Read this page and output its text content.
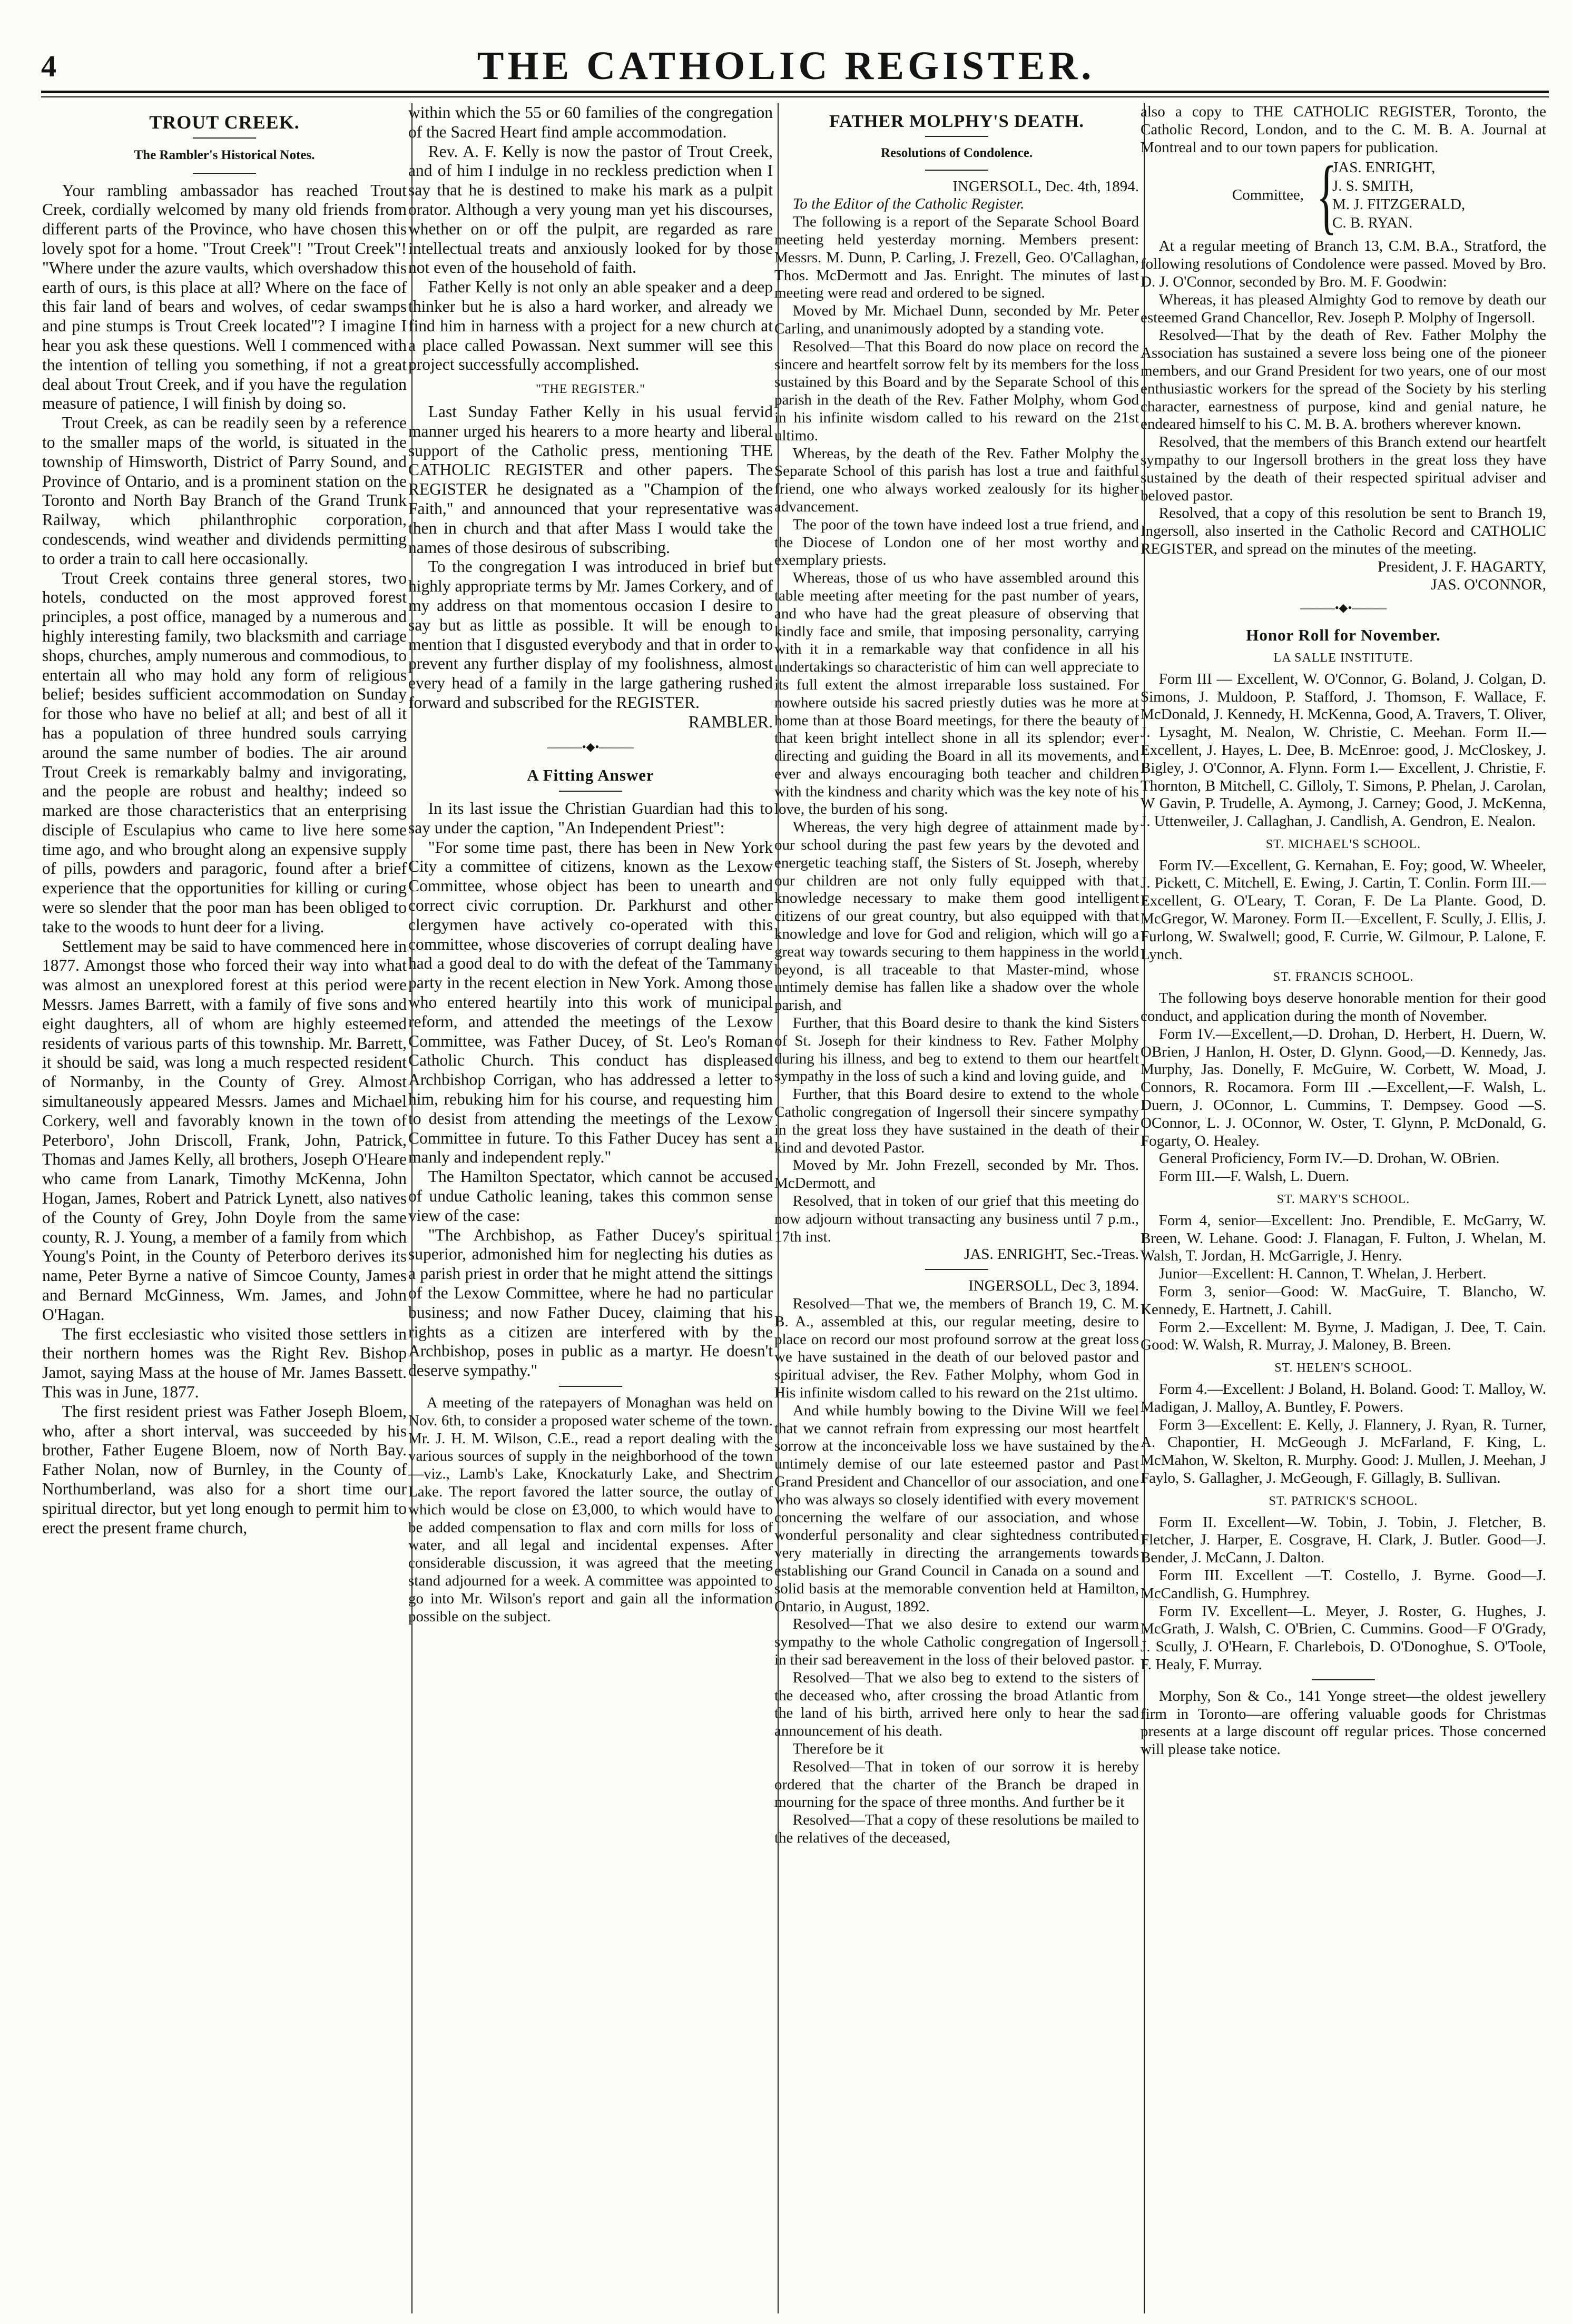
4	THE CATHOLIC REGISTER.
TROUT CREEK.
The Rambler's Historical Notes.

Your rambling ambassador has reached Trout Creek, cordially welcomed by many old friends from different parts of the Province, who have chosen this lovely spot for a home. "Trout Creek"! "Trout Creek"! "Where under the azure vaults, which overshadow this earth of ours, is this place at all? Where on the face of this fair land of bears and wolves, of cedar swamps and pine stumps is Trout Creek located"? I imagine I hear you ask these questions. Well I commenced with the intention of telling you something, if not a great deal about Trout Creek, and if you have the regulation measure of patience, I will finish by doing so.

Trout Creek, as can be readily seen by a reference to the smaller maps of the world, is situated in the township of Himsworth, District of Parry Sound, and Province of Ontario, and is a prominent station on the Toronto and North Bay Branch of the Grand Trunk Railway, which philanthrophic corporation, condescends, wind weather and dividends permitting to order a train to call here occasionally.

Trout Creek contains three general stores, two hotels, conducted on the most approved forest principles, a post office, managed by a numerous and highly interesting family, two blacksmith and carriage shops, churches, amply numerous and commodious, to entertain all who may hold any form of religious belief; besides sufficient accommodation on Sunday for those who have no belief at all; and best of all it has a population of three hundred souls carrying around the same number of bodies. The air around Trout Creek is remarkably balmy and invigorating, and the people are robust and healthy; indeed so marked are those characteristics that an enterprising disciple of Esculapius who came to live here some time ago, and who brought along an expensive supply of pills, powders and paragoric, found after a brief experience that the opportunities for killing or curing were so slender that the poor man has been obliged to take to the woods to hunt deer for a living.

Settlement may be said to have commenced here in 1877. Amongst those who forced their way into what was almost an unexplored forest at this period were Messrs. James Barrett, with a family of five sons and eight daughters, all of whom are highly esteemed residents of various parts of this township. Mr. Barrett, it should be said, was long a much respected resident of Normanby, in the County of Grey. Almost simultaneously appeared Messrs. James and Michael Corkery, well and favorably known in the town of Peterboro', John Driscoll, Frank, John, Patrick, Thomas and James Kelly, all brothers, Joseph O'Heare who came from Lanark, Timothy McKenna, John Hogan, James, Robert and Patrick Lynett, also natives of the County of Grey, John Doyle from the same county, R. J. Young, a member of a family from which Young's Point, in the County of Peterboro derives its name, Peter Byrne a native of Simcoe County, James and Bernard McGinness, Wm. James, and John O'Hagan.

The first ecclesiastic who visited those settlers in their northern homes was the Right Rev. Bishop Jamot, saying Mass at the house of Mr. James Bassett. This was in June, 1877.

The first resident priest was Father Joseph Bloem, who, after a short interval, was succeeded by his brother, Father Eugene Bloem, now of North Bay. Father Nolan, now of Burnley, in the County of Northumberland, was also for a short time our spiritual director, but yet long enough to permit him to erect the present frame church,

within which the 55 or 60 families of the congregation of the Sacred Heart find ample accommodation.

Rev. A. F. Kelly is now the pastor of Trout Creek, and of him I indulge in no reckless prediction when I say that he is destined to make his mark as a pulpit orator. Although a very young man yet his discourses, whether on or off the pulpit, are regarded as rare intellectual treats and anxiously looked for by those not even of the household of faith.

Father Kelly is not only an able speaker and a deep thinker but he is also a hard worker, and already we find him in harness with a project for a new church at a place called Powassan. Next summer will see this project successfully accomplished.

"THE REGISTER."

Last Sunday Father Kelly in his usual fervid manner urged his hearers to a more hearty and liberal support of the Catholic press, mentioning THE CATHOLIC REGISTER and other papers. The REGISTER he designated as a "Champion of the Faith," and announced that your representative was then in church and that after Mass I would take the names of those desirous of subscribing.

To the congregation I was introduced in brief but highly appropriate terms by Mr. James Corkery, and of my address on that momentous occasion I desire to say but as little as possible. It will be enough to mention that I disgusted everybody and that in order to prevent any further display of my foolishness, almost every head of a family in the large gathering rushed forward and subscribed for the REGISTER.

RAMBLER.

———•◆•———
A Fitting Answer

In its last issue the Christian Guardian had this to say under the caption, "An Independent Priest":

"For some time past, there has been in New York City a committee of citizens, known as the Lexow Committee, whose object has been to unearth and correct civic corruption. Dr. Parkhurst and other clergymen have actively co-operated with this committee, whose discoveries of corrupt dealing have had a good deal to do with the defeat of the Tammany party in the recent election in New York. Among those who entered heartily into this work of municipal reform, and attended the meetings of the Lexow Committee, was Father Ducey, of St. Leo's Roman Catholic Church. This conduct has displeased Archbishop Corrigan, who has addressed a letter to him, rebuking him for his course, and requesting him to desist from attending the meetings of the Lexow Committee in future. To this Father Ducey has sent a manly and independent reply."

The Hamilton Spectator, which cannot be accused of undue Catholic leaning, takes this common sense view of the case:

"The Archbishop, as Father Ducey's spiritual superior, admonished him for neglecting his duties as a parish priest in order that he might attend the sittings of the Lexow Committee, where he had no particular business; and now Father Ducey, claiming that his rights as a citizen are interfered with by the Archbishop, poses in public as a martyr. He doesn't deserve sympathy."

A meeting of the ratepayers of Monaghan was held on Nov. 6th, to consider a proposed water scheme of the town. Mr. J. H. M. Wilson, C.E., read a report dealing with the various sources of supply in the neighborhood of the town—viz., Lamb's Lake, Knockaturly Lake, and Shectrim Lake. The report favored the latter source, the outlay of which would be close on £3,000, to which would have to be added compensation to flax and corn mills for loss of water, and all legal and incidental expenses. After considerable discussion, it was agreed that the meeting stand adjourned for a week. A committee was appointed to go into Mr. Wilson's report and gain all the information possible on the subject.

FATHER MOLPHY'S DEATH.
Resolutions of Condolence.

INGERSOLL, Dec. 4th, 1894.

To the Editor of the Catholic Register.

The following is a report of the Separate School Board meeting held yesterday morning. Members present: Messrs. M. Dunn, P. Carling, J. Frezell, Geo. O'Callaghan, Thos. McDermott and Jas. Enright. The minutes of last meeting were read and ordered to be signed.

Moved by Mr. Michael Dunn, seconded by Mr. Peter Carling, and unanimously adopted by a standing vote.

Resolved—That this Board do now place on record the sincere and heartfelt sorrow felt by its members for the loss sustained by this Board and by the Separate School of this parish in the death of the Rev. Father Molphy, whom God in his infinite wisdom called to his reward on the 21st ultimo.

Whereas, by the death of the Rev. Father Molphy the Separate School of this parish has lost a true and faithful friend, one who always worked zealously for its higher advancement.

The poor of the town have indeed lost a true friend, and the Diocese of London one of her most worthy and exemplary priests.

Whereas, those of us who have assembled around this table meeting after meeting for the past number of years, and who have had the great pleasure of observing that kindly face and smile, that imposing personality, carrying with it in a remarkable way that confidence in all his undertakings so characteristic of him can well appreciate to its full extent the almost irreparable loss sustained. For nowhere outside his sacred priestly duties was he more at home than at those Board meetings, for there the beauty of that keen bright intellect shone in all its splendor; ever directing and guiding the Board in all its movements, and ever and always encouraging both teacher and children with the kindness and charity which was the key note of his love, the burden of his song.

Whereas, the very high degree of attainment made by our school during the past few years by the devoted and energetic teaching staff, the Sisters of St. Joseph, whereby our children are not only fully equipped with that knowledge necessary to make them good intelligent citizens of our great country, but also equipped with that knowledge and love for God and religion, which will go a great way towards securing to them happiness in the world beyond, is all traceable to that Master-mind, whose untimely demise has fallen like a shadow over the whole parish, and

Further, that this Board desire to thank the kind Sisters of St. Joseph for their kindness to Rev. Father Molphy during his illness, and beg to extend to them our heartfelt sympathy in the loss of such a kind and loving guide, and

Further, that this Board desire to extend to the whole Catholic congregation of Ingersoll their sincere sympathy in the great loss they have sustained in the death of their kind and devoted Pastor.

Moved by Mr. John Frezell, seconded by Mr. Thos. McDermott, and

Resolved, that in token of our grief that this meeting do now adjourn without transacting any business until 7 p.m., 17th inst.

JAS. ENRIGHT, Sec.-Treas.

INGERSOLL, Dec 3, 1894.

Resolved—That we, the members of Branch 19, C. M. B. A., assembled at this, our regular meeting, desire to place on record our most profound sorrow at the great loss we have sustained in the death of our beloved pastor and spiritual adviser, the Rev. Father Molphy, whom God in His infinite wisdom called to his reward on the 21st ultimo.

And while humbly bowing to the Divine Will we feel that we cannot refrain from expressing our most heartfelt sorrow at the inconceivable loss we have sustained by the untimely demise of our late esteemed pastor and Past Grand President and Chancellor of our association, and one who was always so closely identified with every movement concerning the welfare of our association, and whose wonderful personality and clear sightedness contributed very materially in directing the arrangements towards establishing our Grand Council in Canada on a sound and solid basis at the memorable convention held at Hamilton, Ontario, in August, 1892.

Resolved—That we also desire to extend our warm sympathy to the whole Catholic congregation of Ingersoll in their sad bereavement in the loss of their beloved pastor.

Resolved—That we also beg to extend to the sisters of the deceased who, after crossing the broad Atlantic from the land of his birth, arrived here only to hear the sad announcement of his death.

Therefore be it

Resolved—That in token of our sorrow it is hereby ordered that the charter of the Branch be draped in mourning for the space of three months. And further be it

Resolved—That a copy of these resolutions be mailed to the relatives of the deceased,

also a copy to THE CATHOLIC REGISTER, Toronto, the Catholic Record, London, and to the C. M. B. A. Journal at Montreal and to our town papers for publication.

Committee, {
JAS. ENRIGHT,
J. S. SMITH,
M. J. FITZGERALD,
C. B. RYAN.

At a regular meeting of Branch 13, C.M. B.A., Stratford, the following resolutions of Condolence were passed. Moved by Bro. D. J. O'Connor, seconded by Bro. M. F. Goodwin:

Whereas, it has pleased Almighty God to remove by death our esteemed Grand Chancellor, Rev. Joseph P. Molphy of Ingersoll.

Resolved—That by the death of Rev. Father Molphy the Association has sustained a severe loss being one of the pioneer members, and our Grand President for two years, one of our most enthusiastic workers for the spread of the Society by his sterling character, earnestness of purpose, kind and genial nature, he endeared himself to his C. M. B. A. brothers wherever known.

Resolved, that the members of this Branch extend our heartfelt sympathy to our Ingersoll brothers in the great loss they have sustained by the death of their respected spiritual adviser and beloved pastor.

Resolved, that a copy of this resolution be sent to Branch 19, Ingersoll, also inserted in the Catholic Record and CATHOLIC REGISTER, and spread on the minutes of the meeting.

President, J. F. HAGARTY,

JAS. O'CONNOR,

———•◆•———
Honor Roll for November.
LA SALLE INSTITUTE.

Form III — Excellent, W. O'Connor, G. Boland, J. Colgan, D. Simons, J. Muldoon, P. Stafford, J. Thomson, F. Wallace, F. McDonald, J. Kennedy, H. McKenna, Good, A. Travers, T. Oliver, J. Lysaght, M. Nealon, W. Christie, C. Meehan. Form II.—Excellent, J. Hayes, L. Dee, B. McEnroe: good, J. McCloskey, J. Bigley, J. O'Connor, A. Flynn. Form I.— Excellent, J. Christie, F. Thornton, B Mitchell, C. Gilloly, T. Simons, P. Phelan, J. Carolan, W Gavin, P. Trudelle, A. Aymong, J. Carney; Good, J. McKenna, J. Uttenweiler, J. Callaghan, J. Candlish, A. Gendron, E. Nealon.

ST. MICHAEL'S SCHOOL.

Form IV.—Excellent, G. Kernahan, E. Foy; good, W. Wheeler, J. Pickett, C. Mitchell, E. Ewing, J. Cartin, T. Conlin. Form III.—Excellent, G. O'Leary, T. Coran, F. De La Plante. Good, D. McGregor, W. Maroney. Form II.—Excellent, F. Scully, J. Ellis, J. Furlong, W. Swalwell; good, F. Currie, W. Gilmour, P. Lalone, F. Lynch.

ST. FRANCIS SCHOOL.

The following boys deserve honorable mention for their good conduct, and application during the month of November.

Form IV.—Excellent,—D. Drohan, D. Herbert, H. Duern, W. OBrien, J Hanlon, H. Oster, D. Glynn. Good,—D. Kennedy, Jas. Murphy, Jas. Donelly, F. McGuire, W. Corbett, W. Moad, J. Connors, R. Rocamora. Form III .—Excellent,—F. Walsh, L. Duern, J. OConnor, L. Cummins, T. Dempsey. Good —S. OConnor, L. J. OConnor, W. Oster, T. Glynn, P. McDonald, G. Fogarty, O. Healey.

General Proficiency, Form IV.—D. Drohan, W. OBrien.

Form III.—F. Walsh, L. Duern.

ST. MARY'S SCHOOL.

Form 4, senior—Excellent: Jno. Prendible, E. McGarry, W. Breen, W. Lehane. Good: J. Flanagan, F. Fulton, J. Whelan, M. Walsh, T. Jordan, H. McGarrigle, J. Henry.

Junior—Excellent: H. Cannon, T. Whelan, J. Herbert.

Form 3, senior—Good: W. MacGuire, T. Blancho, W. Kennedy, E. Hartnett, J. Cahill.

Form 2.—Excellent: M. Byrne, J. Madigan, J. Dee, T. Cain. Good: W. Walsh, R. Murray, J. Maloney, B. Breen.

ST. HELEN'S SCHOOL.

Form 4.—Excellent: J Boland, H. Boland. Good: T. Malloy, W. Madigan, J. Malloy, A. Buntley, F. Powers.

Form 3—Excellent: E. Kelly, J. Flannery, J. Ryan, R. Turner, A. Chapontier, H. McGeough J. McFarland, F. King, L. McMahon, W. Skelton, R. Murphy. Good: J. Mullen, J. Meehan, J Faylo, S. Gallagher, J. McGeough, F. Gillagly, B. Sullivan.

ST. PATRICK'S SCHOOL.

Form II. Excellent—W. Tobin, J. Tobin, J. Fletcher, B. Fletcher, J. Harper, E. Cosgrave, H. Clark, J. Butler. Good—J. Bender, J. McCann, J. Dalton.

Form III. Excellent —T. Costello, J. Byrne. Good—J. McCandlish, G. Humphrey.

Form IV. Excellent—L. Meyer, J. Roster, G. Hughes, J. McGrath, J. Walsh, C. O'Brien, C. Cummins. Good—F O'Grady, J. Scully, J. O'Hearn, F. Charlebois, D. O'Donoghue, S. O'Toole, F. Healy, F. Murray.

Morphy, Son & Co., 141 Yonge street—the oldest jewellery firm in Toronto—are offering valuable goods for Christmas presents at a large discount off regular prices. Those concerned will please take notice.
